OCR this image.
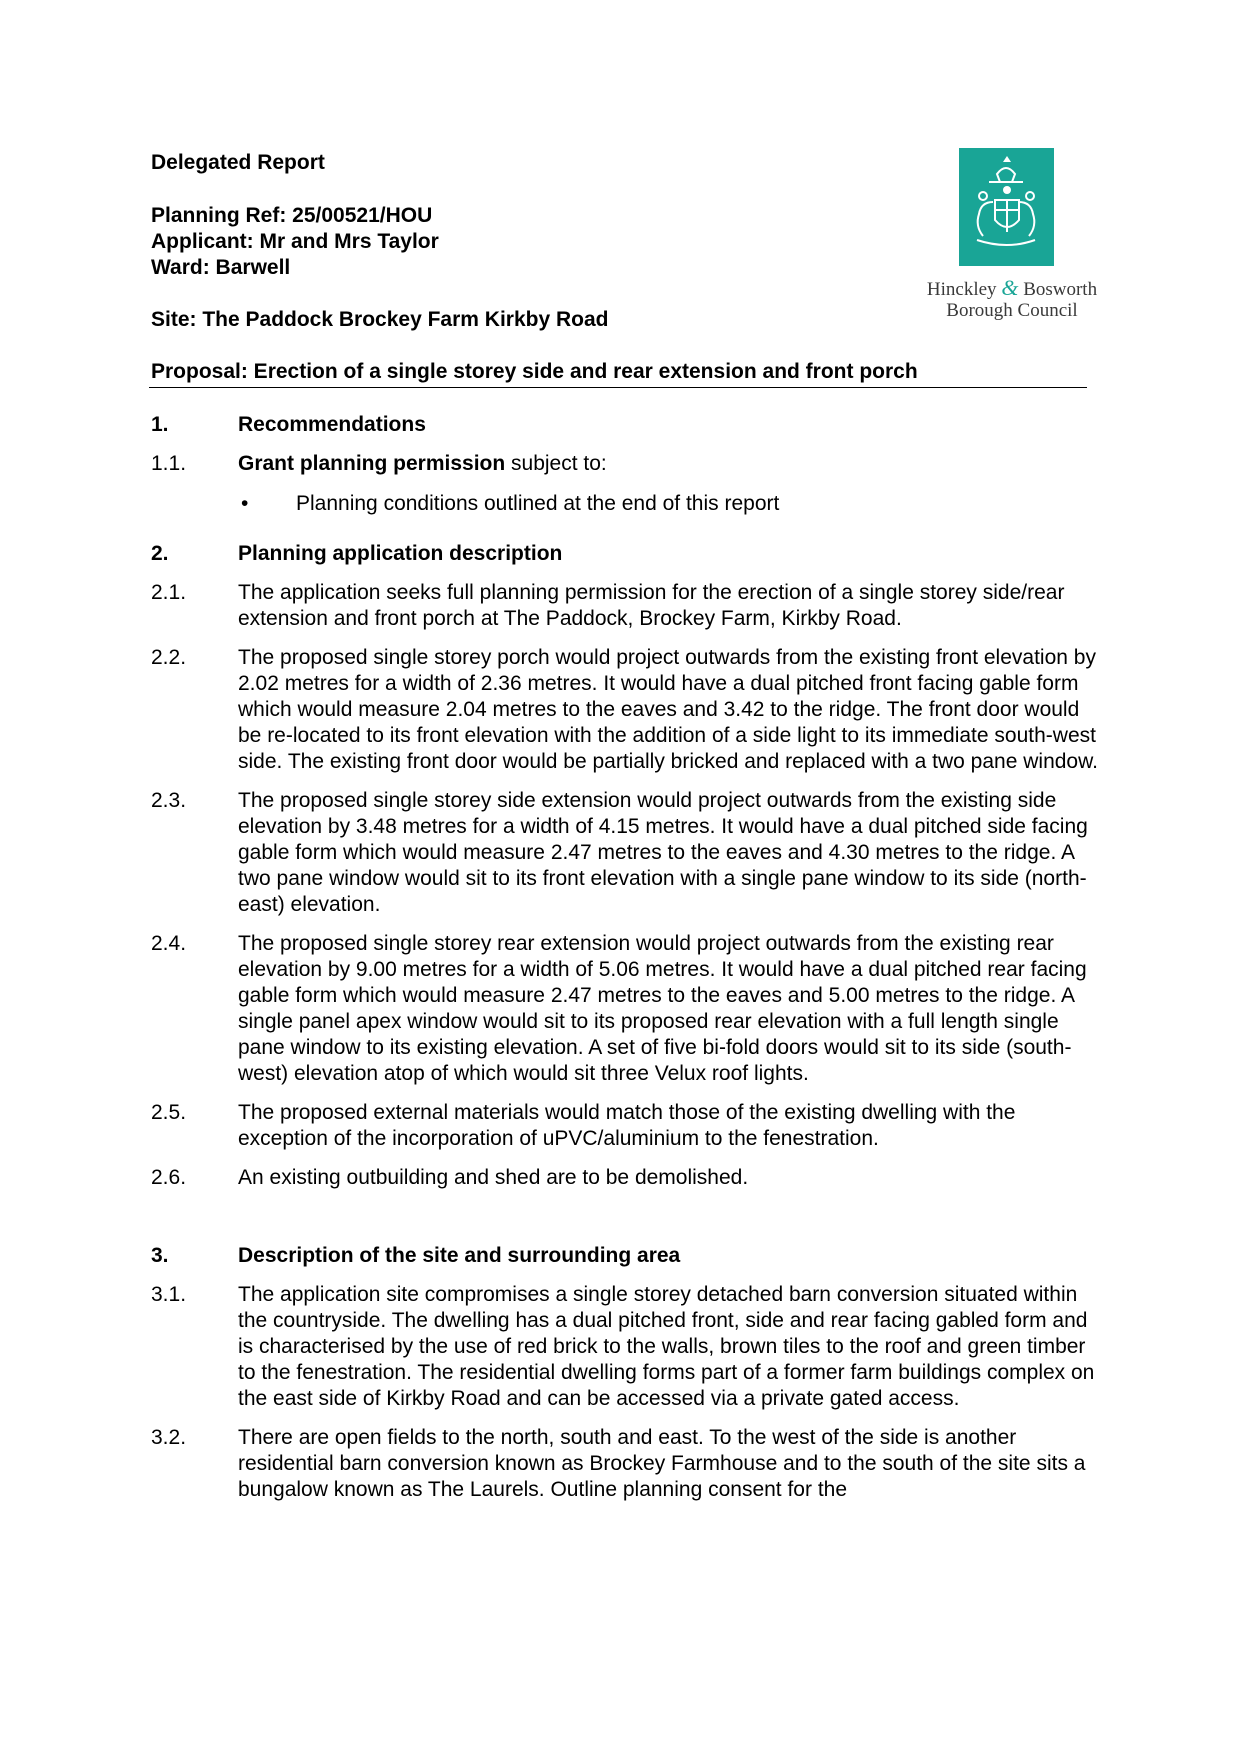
Delegated Report

Planning Ref: 25/00521/HOU

Applicant: Mr and Mrs Taylor

Ward: Barwell

Site: The Paddock Brockey Farm Kirkby Road

Proposal: Erection of a single storey side and rear extension and front porch

Hinckley & Bosworth
Borough Council
1.	Recommendations
1.1. Grant planning permission subject to:
• Planning conditions outlined at the end of this report
2.	Planning application description
2.1. The application seeks full planning permission for the erection of a single storey side/rear extension and front porch at The Paddock, Brockey Farm, Kirkby Road.
2.2. The proposed single storey porch would project outwards from the existing front elevation by 2.02 metres for a width of 2.36 metres. It would have a dual pitched front facing gable form which would measure 2.04 metres to the eaves and 3.42 to the ridge. The front door would be re-located to its front elevation with the addition of a side light to its immediate south-west side. The existing front door would be partially bricked and replaced with a two pane window.
2.3. The proposed single storey side extension would project outwards from the existing side elevation by 3.48 metres for a width of 4.15 metres. It would have a dual pitched side facing gable form which would measure 2.47 metres to the eaves and 4.30 metres to the ridge. A two pane window would sit to its front elevation with a single pane window to its side (north-east) elevation.
2.4. The proposed single storey rear extension would project outwards from the existing rear elevation by 9.00 metres for a width of 5.06 metres. It would have a dual pitched rear facing gable form which would measure 2.47 metres to the eaves and 5.00 metres to the ridge. A single panel apex window would sit to its proposed rear elevation with a full length single pane window to its existing elevation. A set of five bi-fold doors would sit to its side (south-west) elevation atop of which would sit three Velux roof lights.
2.5. The proposed external materials would match those of the existing dwelling with the exception of the incorporation of uPVC/aluminium to the fenestration.
2.6. An existing outbuilding and shed are to be demolished.
3.	Description of the site and surrounding area
3.1. The application site compromises a single storey detached barn conversion situated within the countryside. The dwelling has a dual pitched front, side and rear facing gabled form and is characterised by the use of red brick to the walls, brown tiles to the roof and green timber to the fenestration. The residential dwelling forms part of a former farm buildings complex on the east side of Kirkby Road and can be accessed via a private gated access.
3.2. There are open fields to the north, south and east. To the west of the side is another residential barn conversion known as Brockey Farmhouse and to the south of the site sits a bungalow known as The Laurels. Outline planning consent for the
